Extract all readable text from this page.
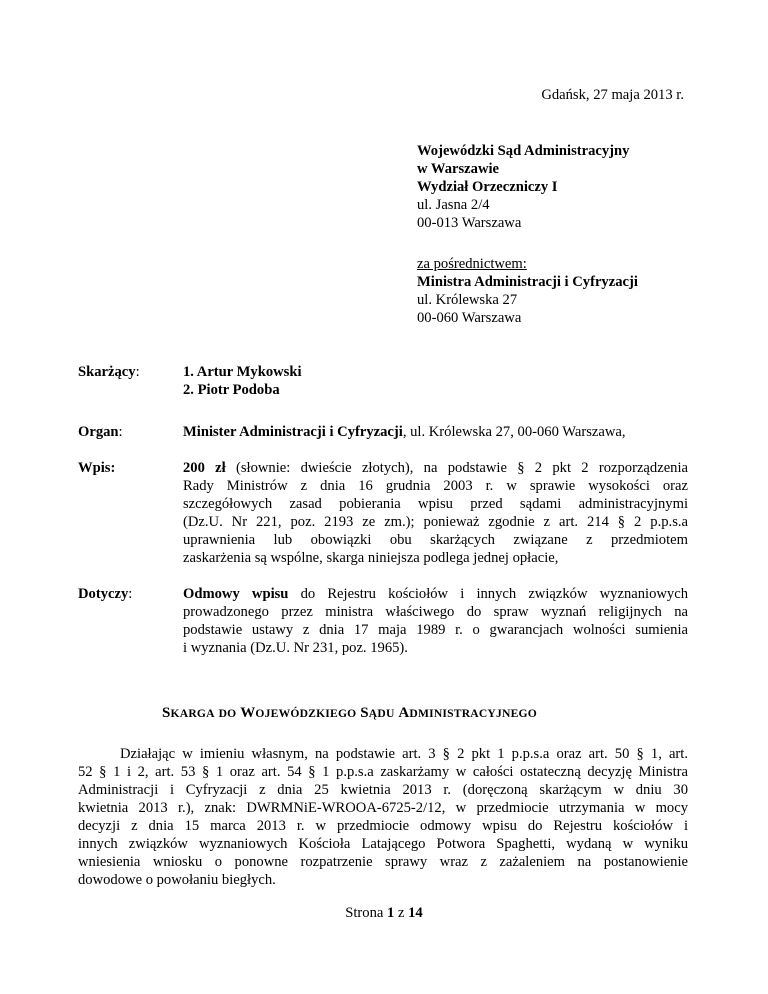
Gdańsk, 27 maja 2013 r.
Wojewódzki Sąd Administracyjny
w Warszawie
Wydział Orzeczniczy I
ul. Jasna 2/4
00-013 Warszawa
za pośrednictwem:
Ministra Administracji i Cyfryzacji
ul. Królewska 27
00-060 Warszawa
Skarżący:	1. Artur Mykowski
2. Piotr Podoba
Organ:	Minister Administracji i Cyfryzacji, ul. Królewska 27, 00-060 Warszawa,
Wpis:	200 zł (słownie: dwieście złotych), na podstawie § 2 pkt 2 rozporządzenia
Rady Ministrów z dnia 16 grudnia 2003 r. w sprawie wysokości oraz
szczegółowych zasad pobierania wpisu przed sądami administracyjnymi
(Dz.U. Nr 221, poz. 2193 ze zm.); ponieważ zgodnie z art. 214 § 2 p.p.s.a
uprawnienia lub obowiązki obu skarżących związane z przedmiotem
zaskarżenia są wspólne, skarga niniejsza podlega jednej opłacie,
Dotyczy:	Odmowy wpisu do Rejestru kościołów i innych związków wyznaniowych
prowadzonego przez ministra właściwego do spraw wyznań religijnych na
podstawie ustawy z dnia 17 maja 1989 r. o gwarancjach wolności sumienia
i wyznania (Dz.U. Nr 231, poz. 1965).
SKARGA DO WOJEWÓDZKIEGO SĄDU ADMINISTRACYJNEGO
Działając w imieniu własnym, na podstawie art. 3 § 2 pkt 1 p.p.s.a oraz art. 50 § 1, art.
52 § 1 i 2, art. 53 § 1 oraz art. 54 § 1 p.p.s.a zaskarżamy w całości ostateczną decyzję Ministra
Administracji i Cyfryzacji z dnia 25 kwietnia 2013 r. (doręczoną skarżącym w dniu 30
kwietnia 2013 r.), znak: DWRMNiE-WROOA-6725-2/12, w przedmiocie utrzymania w mocy
decyzji z dnia 15 marca 2013 r. w przedmiocie odmowy wpisu do Rejestru kościołów i
innych związków wyznaniowych Kościoła Latającego Potwora Spaghetti, wydaną w wyniku
wniesienia wniosku o ponowne rozpatrzenie sprawy wraz z zażaleniem na postanowienie
dowodowe o powołaniu biegłych.
Strona 1 z 14
